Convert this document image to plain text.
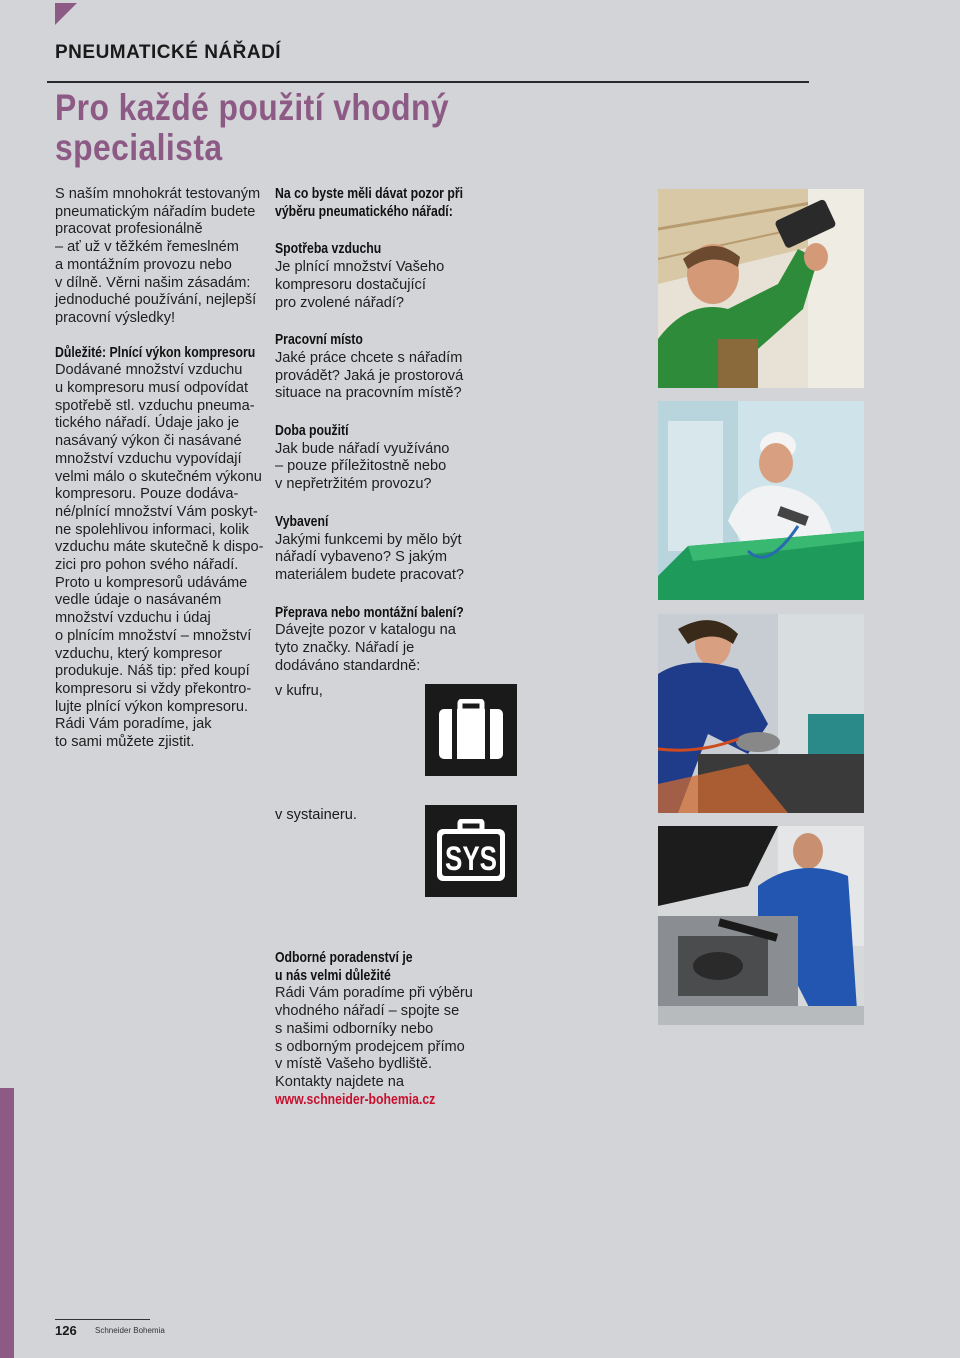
PNEUMATICKÉ NÁŘADÍ
Pro každé použití vhodný
specialista

S naším mnohokrát testovaným

pneumatickým nářadím budete

pracovat profesionálně

– ať už v těžkém řemeslném

a montážním provozu nebo

v dílně. Věrni našim zásadám:

jednoduché používání, nejlepší

pracovní výsledky!

Důležité: Plnící výkon kompresoru

Dodávané množství vzduchu

u kompresoru musí odpovídat

spotřebě stl. vzduchu pneuma-

tického nářadí. Údaje jako je

nasávaný výkon či nasávané

množství vzduchu vypovídají

velmi málo o skutečném výkonu

kompresoru. Pouze dodáva-

né/plnící množství Vám poskyt-

ne spolehlivou informaci, kolik

vzduchu máte skutečně k dispo-

zici pro pohon svého nářadí.

Proto u kompresorů udáváme

vedle údaje o nasávaném

množství vzduchu i údaj

o plnícím množství – množství

vzduchu, který kompresor

produkuje. Náš tip: před koupí

kompresoru si vždy překontro-

lujte plnící výkon kompresoru.

Rádi Vám poradíme, jak

to sami můžete zjistit.

Na co byste měli dávat pozor při

výběru pneumatického nářadí:

Spotřeba vzduchu

Je plnící množství Vašeho

kompresoru dostačující

pro zvolené nářadí?

Pracovní místo

Jaké práce chcete s nářadím

provádět? Jaká je prostorová

situace na pracovním místě?

Doba použití

Jak bude nářadí využíváno

– pouze příležitostně nebo

v nepřetržitém provozu?

Vybavení

Jakými funkcemi by mělo být

nářadí vybaveno? S jakým

materiálem budete pracovat?

Přeprava nebo montážní balení?

Dávejte pozor v katalogu na

tyto značky. Nářadí je

dodáváno standardně:

v kufru,
v systaineru.
SYS

Odborné poradenství je

u nás velmi důležité

Rádi Vám poradíme při výběru

vhodného nářadí – spojte se

s našimi odborníky nebo

s odborným prodejcem přímo

v místě Vašeho bydliště.

Kontakty najdete na

www.schneider-bohemia.cz

126 Schneider Bohemia
